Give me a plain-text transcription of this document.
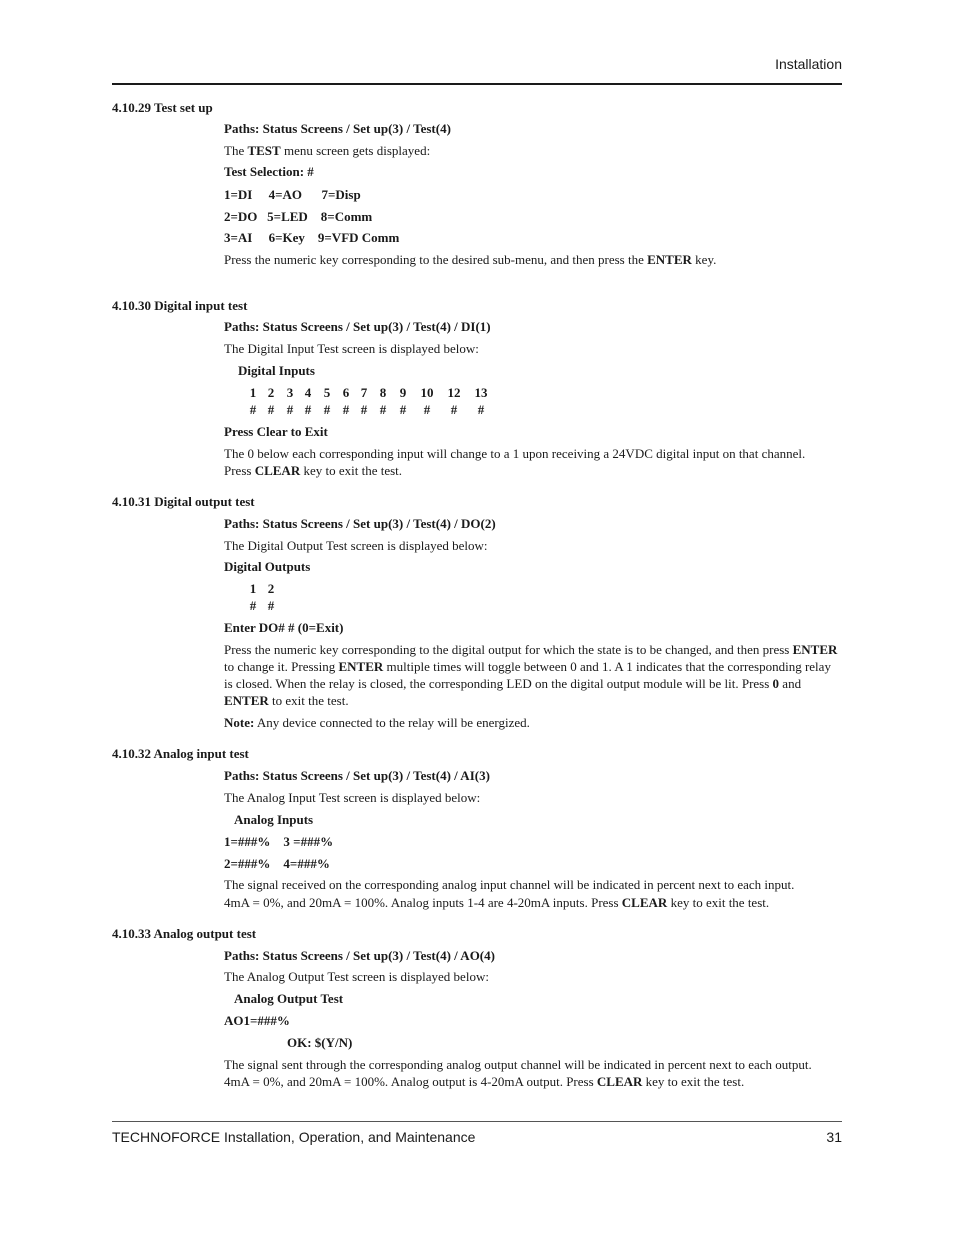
Installation
4.10.29 Test set up
Paths: Status Screens / Set up(3) / Test(4)
The TEST menu screen gets displayed:
Test Selection: #
1=DI     4=AO      7=Disp
2=DO   5=LED    8=Comm
3=AI     6=Key    9=VFD Comm
Press the numeric key corresponding to the desired sub-menu, and then press the ENTER key.
4.10.30 Digital input test
Paths: Status Screens / Set up(3) / Test(4) / DI(1)
The Digital Input Test screen is displayed below:
Digital Inputs
1 2 3 4 5 6 7 8	9	10	12	13
# # # # # # # #	#	#	#	#
Press Clear to Exit
The 0 below each corresponding input will change to a 1 upon receiving a 24VDC digital input on that channel.
Press CLEAR key to exit the test.
4.10.31 Digital output test
Paths: Status Screens / Set up(3) / Test(4) / DO(2)
The Digital Output Test screen is displayed below:
Digital Outputs
1 2
# #
Enter DO# # (0=Exit)
Press the numeric key corresponding to the digital output for which the state is to be changed, and then press ENTER to change it. Pressing ENTER multiple times will toggle between 0 and 1. A 1 indicates that the corresponding relay is closed. When the relay is closed, the corresponding LED on the digital output module will be lit. Press 0 and ENTER to exit the test.
Note: Any device connected to the relay will be energized.
4.10.32 Analog input test
Paths: Status Screens / Set up(3) / Test(4) / AI(3)
The Analog Input Test screen is displayed below:
Analog Inputs
1=###%    3 =###%
2=###%    4=###%
The signal received on the corresponding analog input channel will be indicated in percent next to each input.
4mA = 0%, and 20mA = 100%. Analog inputs 1-4 are 4-20mA inputs. Press CLEAR key to exit the test.
4.10.33 Analog output test
Paths: Status Screens / Set up(3) / Test(4) / AO(4)
The Analog Output Test screen is displayed below:
Analog Output Test
AO1=###%
OK: $(Y/N)
The signal sent through the corresponding analog output channel will be indicated in percent next to each output.
4mA = 0%, and 20mA = 100%. Analog output is 4-20mA output. Press CLEAR key to exit the test.
TECHNOFORCE Installation, Operation, and Maintenance	31
